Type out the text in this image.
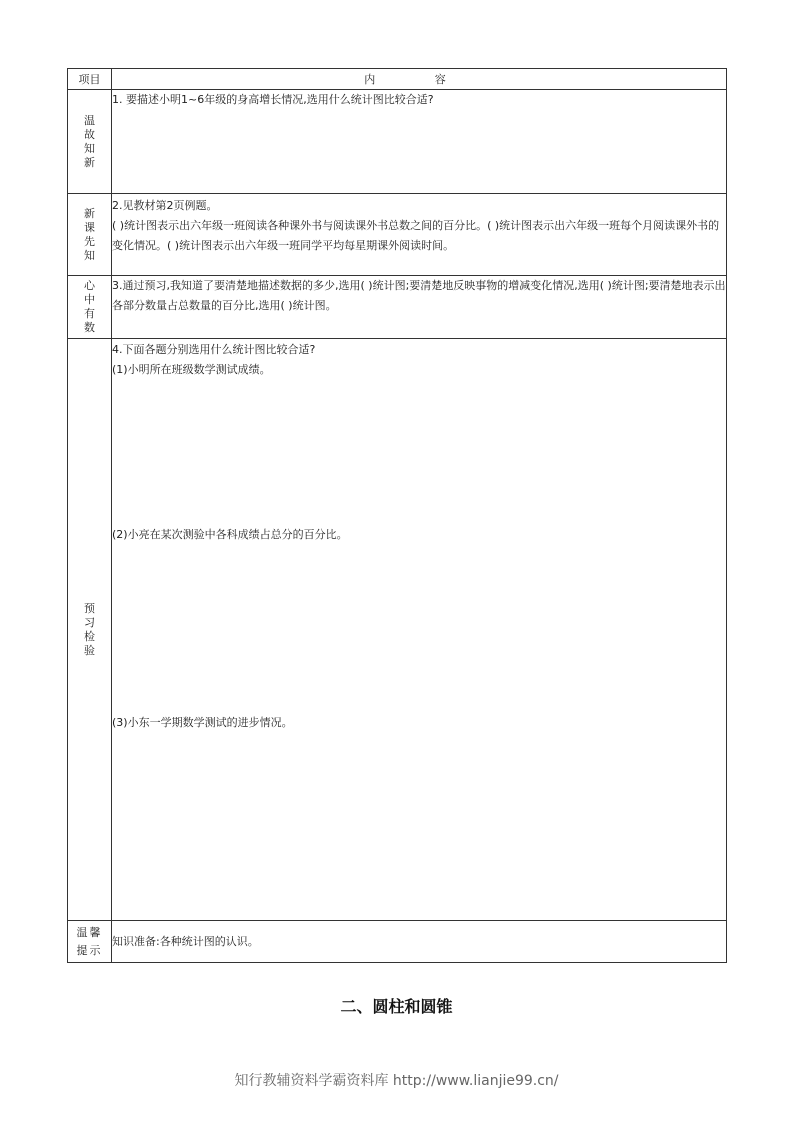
项目	内 容
温故知新	1. 要描述小明1~6年级的身高增长情况,选用什么统计图比较合适?

新课先知	2.见教材第2页例题。

( )统计图表示出六年级一班阅读各种课外书与阅读课外书总数之间的百分比。( )统计图表示出六年级一班每个月阅读课外书的变化情况。( )统计图表示出六年级一班同学平均每星期课外阅读时间。

心中有数	3.通过预习,我知道了要清楚地描述数据的多少,选用( )统计图;要清楚地反映事物的增减变化情况,选用( )统计图;要清楚地表示出各部分数量占总数量的百分比,选用( )统计图。

预习检验	4.下面各题分别选用什么统计图比较合适?

(1)小明所在班级数学测试成绩。

(2)小亮在某次测验中各科成绩占总分的百分比。

(3)小东一学期数学测试的进步情况。

温馨提示	知识准备:各种统计图的认识。

二、圆柱和圆锥
知行教辅资料学霸资料库 http://www.lianjie99.cn/
